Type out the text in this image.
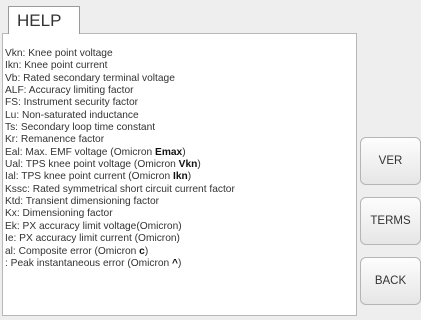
HELP
Vkn: Knee point voltage
Ikn: Knee point current
Vb: Rated secondary terminal voltage
ALF: Accuracy limiting factor
FS: Instrument security factor
Lu: Non-saturated inductance
Ts: Secondary loop time constant
Kr: Remanence factor
Eal: Max. EMF voltage (Omicron Emax)
Ual: TPS knee point voltage (Omicron Vkn)
Ial: TPS knee point current (Omicron Ikn)
Kssc: Rated symmetrical short circuit current factor
Ktd: Transient dimensioning factor
Kx: Dimensioning factor
Ek: PX accuracy limit voltage(Omicron)
Ie: PX accuracy limit current (Omicron)
al: Composite error (Omicron c)
: Peak instantaneous error (Omicron ^)
VER
TERMS
BACK
